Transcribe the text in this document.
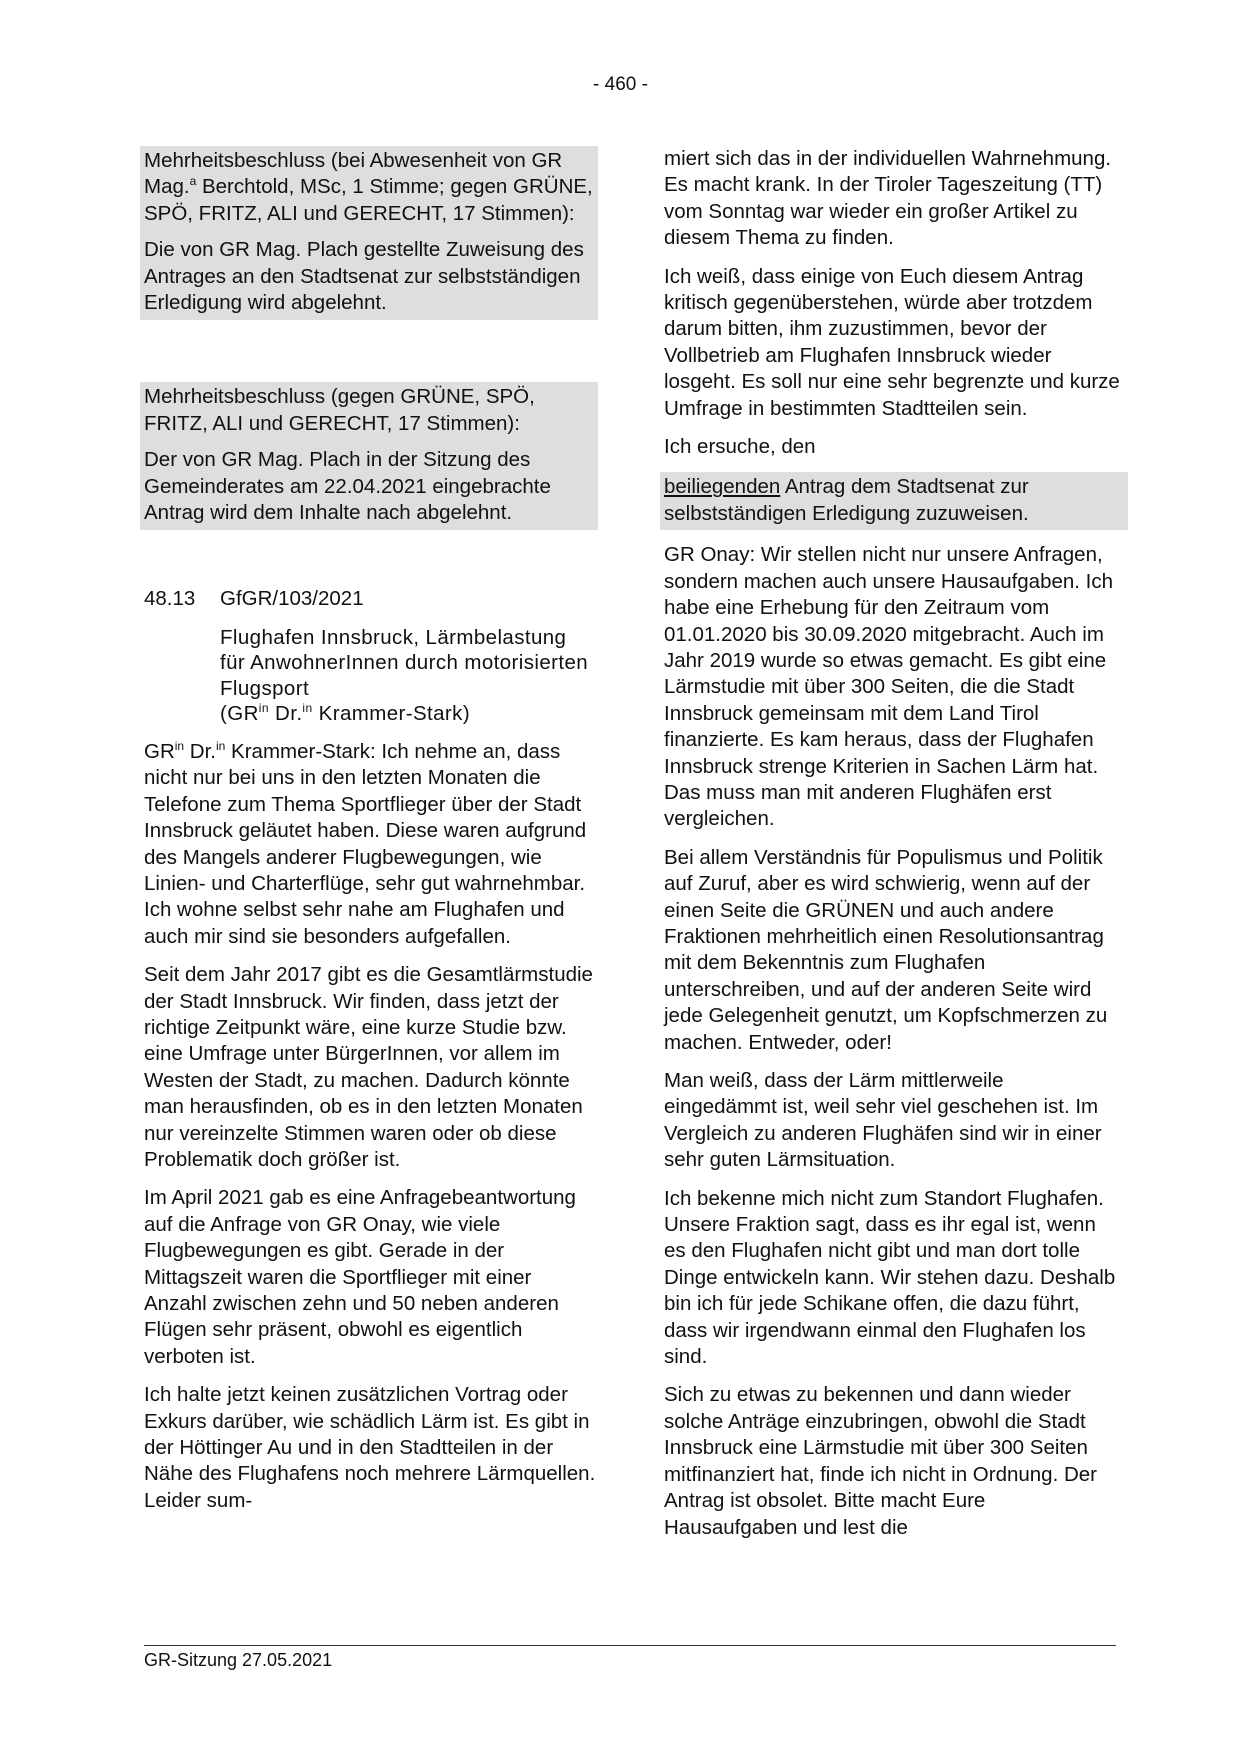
- 460 -

Mehrheitsbeschluss (bei Abwesenheit von GR Mag.$^a$ Berchtold, MSc, 1 Stimme; gegen GRÜNE, SPÖ, FRITZ, ALI und GERECHT, 17 Stimmen):

Die von GR Mag. Plach gestellte Zuweisung des Antrages an den Stadtsenat zur selbstständigen Erledigung wird abgelehnt.

Mehrheitsbeschluss (gegen GRÜNE, SPÖ, FRITZ, ALI und GERECHT, 17 Stimmen):

Der von GR Mag. Plach in der Sitzung des Gemeinderates am 22.04.2021 eingebrachte Antrag wird dem Inhalte nach abgelehnt.

48.13	GfGR/103/2021
Flughafen Innsbruck, Lärmbelastung für AnwohnerInnen durch motorisierten Flugsport
($GR^{in}$ Dr.$^{in}$ Krammer-Stark)

$GR^{in}$ Dr.$^{in}$ Krammer-Stark: Ich nehme an, dass nicht nur bei uns in den letzten Monaten die Telefone zum Thema Sportflieger über der Stadt Innsbruck geläutet haben. Diese waren aufgrund des Mangels anderer Flugbewegungen, wie Linien- und Charterflüge, sehr gut wahrnehmbar. Ich wohne selbst sehr nahe am Flughafen und auch mir sind sie besonders aufgefallen.

Seit dem Jahr 2017 gibt es die Gesamtlärmstudie der Stadt Innsbruck. Wir finden, dass jetzt der richtige Zeitpunkt wäre, eine kurze Studie bzw. eine Umfrage unter BürgerInnen, vor allem im Westen der Stadt, zu machen. Dadurch könnte man herausfinden, ob es in den letzten Monaten nur vereinzelte Stimmen waren oder ob diese Problematik doch größer ist.

Im April 2021 gab es eine Anfragebeantwortung auf die Anfrage von GR Onay, wie viele Flugbewegungen es gibt. Gerade in der Mittagszeit waren die Sportflieger mit einer Anzahl zwischen zehn und 50 neben anderen Flügen sehr präsent, obwohl es eigentlich verboten ist.

Ich halte jetzt keinen zusätzlichen Vortrag oder Exkurs darüber, wie schädlich Lärm ist. Es gibt in der Höttinger Au und in den Stadtteilen in der Nähe des Flughafens noch mehrere Lärmquellen. Leider sum-

miert sich das in der individuellen Wahrnehmung. Es macht krank. In der Tiroler Tageszeitung (TT) vom Sonntag war wieder ein großer Artikel zu diesem Thema zu finden.

Ich weiß, dass einige von Euch diesem Antrag kritisch gegenüberstehen, würde aber trotzdem darum bitten, ihm zuzustimmen, bevor der Vollbetrieb am Flughafen Innsbruck wieder losgeht. Es soll nur eine sehr begrenzte und kurze Umfrage in bestimmten Stadtteilen sein.

Ich ersuche, den

beiliegenden Antrag dem Stadtsenat zur selbstständigen Erledigung zuzuweisen.

GR Onay: Wir stellen nicht nur unsere Anfragen, sondern machen auch unsere Hausaufgaben. Ich habe eine Erhebung für den Zeitraum vom 01.01.2020 bis 30.09.2020 mitgebracht. Auch im Jahr 2019 wurde so etwas gemacht. Es gibt eine Lärmstudie mit über 300 Seiten, die die Stadt Innsbruck gemeinsam mit dem Land Tirol finanzierte. Es kam heraus, dass der Flughafen Innsbruck strenge Kriterien in Sachen Lärm hat. Das muss man mit anderen Flughäfen erst vergleichen.

Bei allem Verständnis für Populismus und Politik auf Zuruf, aber es wird schwierig, wenn auf der einen Seite die GRÜNEN und auch andere Fraktionen mehrheitlich einen Resolutionsantrag mit dem Bekenntnis zum Flughafen unterschreiben, und auf der anderen Seite wird jede Gelegenheit genutzt, um Kopfschmerzen zu machen. Entweder, oder!

Man weiß, dass der Lärm mittlerweile eingedämmt ist, weil sehr viel geschehen ist. Im Vergleich zu anderen Flughäfen sind wir in einer sehr guten Lärmsituation.

Ich bekenne mich nicht zum Standort Flughafen. Unsere Fraktion sagt, dass es ihr egal ist, wenn es den Flughafen nicht gibt und man dort tolle Dinge entwickeln kann. Wir stehen dazu. Deshalb bin ich für jede Schikane offen, die dazu führt, dass wir irgendwann einmal den Flughafen los sind.

Sich zu etwas zu bekennen und dann wieder solche Anträge einzubringen, obwohl die Stadt Innsbruck eine Lärmstudie mit über 300 Seiten mitfinanziert hat, finde ich nicht in Ordnung. Der Antrag ist obsolet. Bitte macht Eure Hausaufgaben und lest die

GR-Sitzung 27.05.2021
